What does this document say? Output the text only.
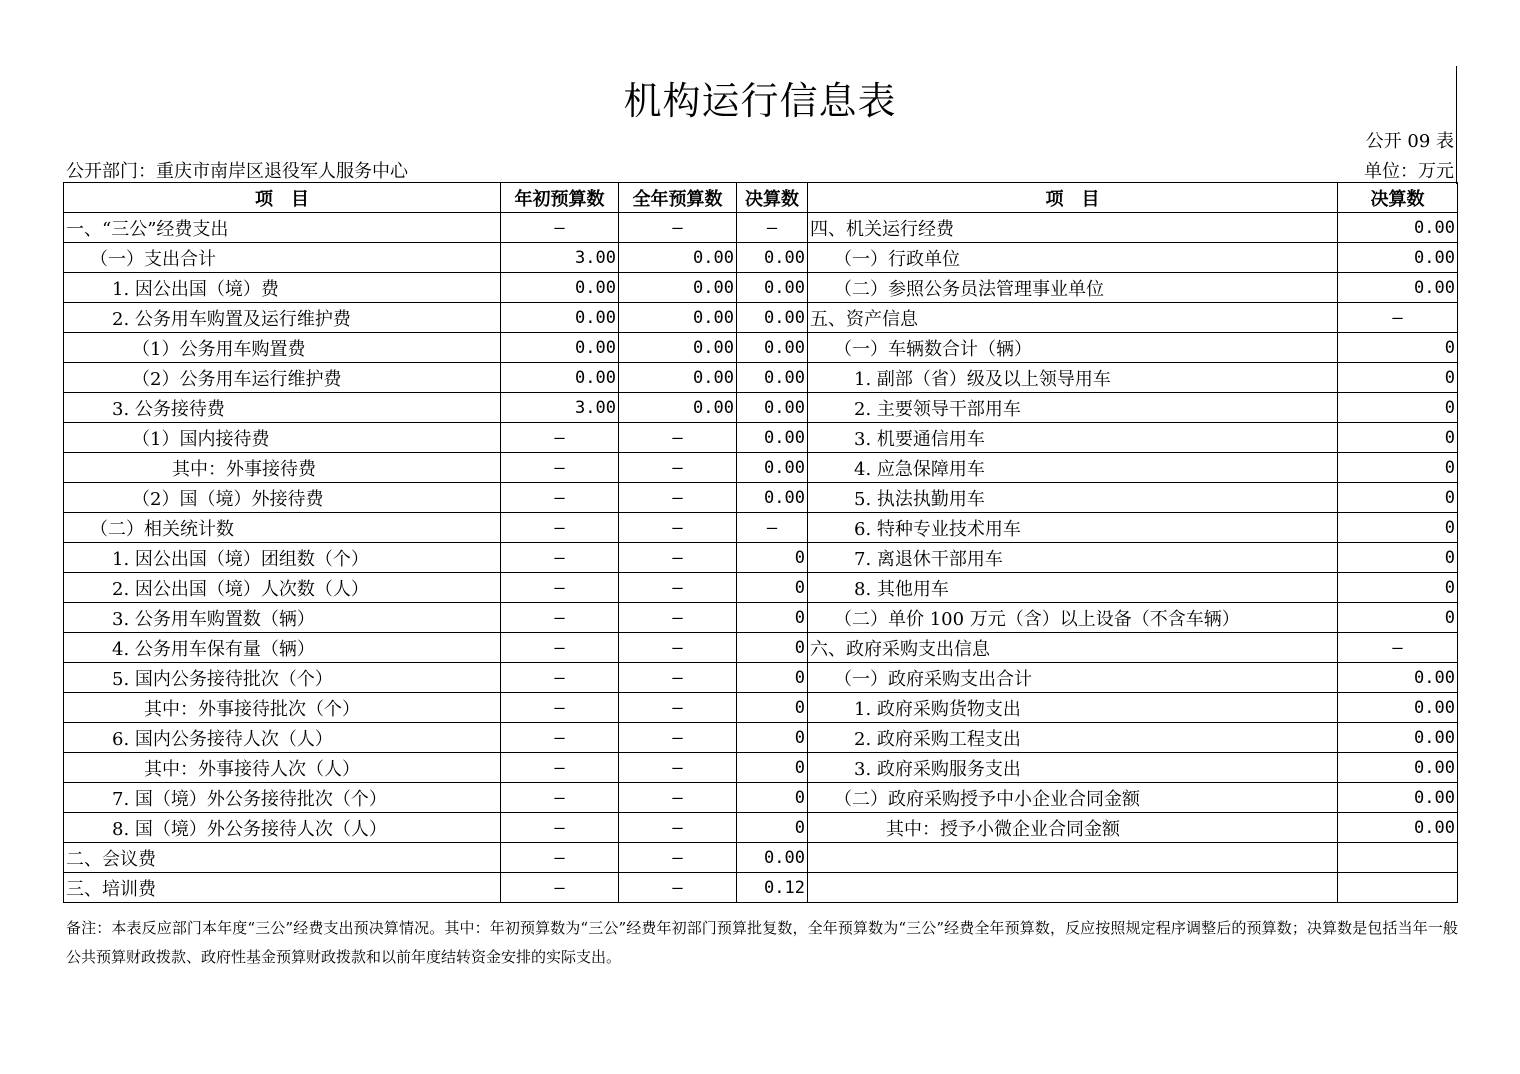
机构运行信息表
公开 09 表
公开部门：重庆市南岸区退役军人服务中心	单位：万元
项　目	年初预算数	全年预算数	决算数	项　目	决算数
一、“三公”经费支出	—	—	—	四、机关运行经费	0.00
（一）支出合计	3.00	0.00	0.00	（一）行政单位	0.00
1. 因公出国（境）费	0.00	0.00	0.00	（二）参照公务员法管理事业单位	0.00
2. 公务用车购置及运行维护费	0.00	0.00	0.00	五、资产信息	—
（1）公务用车购置费	0.00	0.00	0.00	（一）车辆数合计（辆）	0
（2）公务用车运行维护费	0.00	0.00	0.00	1. 副部（省）级及以上领导用车	0
3. 公务接待费	3.00	0.00	0.00	2. 主要领导干部用车	0
（1）国内接待费	—	—	0.00	3. 机要通信用车	0
其中：外事接待费	—	—	0.00	4. 应急保障用车	0
（2）国（境）外接待费	—	—	0.00	5. 执法执勤用车	0
（二）相关统计数	—	—	—	6. 特种专业技术用车	0
1. 因公出国（境）团组数（个）	—	—	0	7. 离退休干部用车	0
2. 因公出国（境）人次数（人）	—	—	0	8. 其他用车	0
3. 公务用车购置数（辆）	—	—	0	（二）单价 100 万元（含）以上设备（不含车辆）	0
4. 公务用车保有量（辆）	—	—	0	六、政府采购支出信息	—
5. 国内公务接待批次（个）	—	—	0	（一）政府采购支出合计	0.00
其中：外事接待批次（个）	—	—	0	1. 政府采购货物支出	0.00
6. 国内公务接待人次（人）	—	—	0	2. 政府采购工程支出	0.00
其中：外事接待人次（人）	—	—	0	3. 政府采购服务支出	0.00
7. 国（境）外公务接待批次（个）	—	—	0	（二）政府采购授予中小企业合同金额	0.00
8. 国（境）外公务接待人次（人）	—	—	0	其中：授予小微企业合同金额	0.00
二、会议费	—	—	0.00		
三、培训费	—	—	0.12		
备注：本表反应部门本年度“三公”经费支出预决算情况。其中：年初预算数为“三公”经费年初部门预算批复数，全年预算数为“三公”经费全年预算数，反应按照规定程序调整后的预算数；决算数是包括当年一般公共预算财政拨款、政府性基金预算财政拨款和以前年度结转资金安排的实际支出。
